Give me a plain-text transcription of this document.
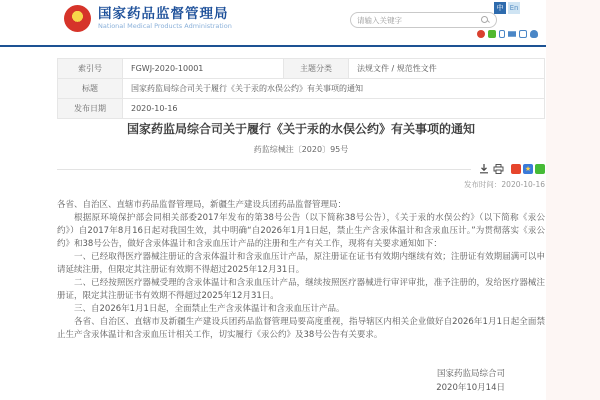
★	国家药品监督管理局
National Medical Products Administration
中 En
请输入关键字
索引号	FGWJ-2020-10001	主题分类	法规文件 / 规范性文件
标题	国家药监局综合司关于履行《关于汞的水俣公约》有关事项的通知		
发布日期	2020-10-16		
国家药监局综合司关于履行《关于汞的水俣公约》有关事项的通知
药监综械注〔2020〕95号
★
发布时间：2020-10-16

各省、自治区、直辖市药品监督管理局，新疆生产建设兵团药品监督管理局：

根据原环境保护部会同相关部委2017年发布的第38号公告（以下简称38号公告），《关于汞的水俣公约》（以下简称《汞公约》）自2017年8月16日起对我国生效，其中明确“自2026年1月1日起，禁止生产含汞体温计和含汞血压计。”为贯彻落实《汞公约》和38号公告，做好含汞体温计和含汞血压计产品的注册和生产有关工作，现将有关要求通知如下：

一、已经取得医疗器械注册证的含汞体温计和含汞血压计产品，原注册证在证书有效期内继续有效；注册证有效期届满可以申请延续注册，但限定其注册证有效期不得超过2025年12月31日。

二、已经按照医疗器械受理的含汞体温计和含汞血压计产品，继续按照医疗器械进行审评审批，准予注册的，发给医疗器械注册证，限定其注册证书有效期不得超过2025年12月31日。

三、自2026年1月1日起，全面禁止生产含汞体温计和含汞血压计产品。

各省、自治区、直辖市及新疆生产建设兵团药品监督管理局要高度重视，指导辖区内相关企业做好自2026年1月1日起全面禁止生产含汞体温计和含汞血压计相关工作，切实履行《汞公约》及38号公告有关要求。

国家药监局综合司
2020年10月14日
